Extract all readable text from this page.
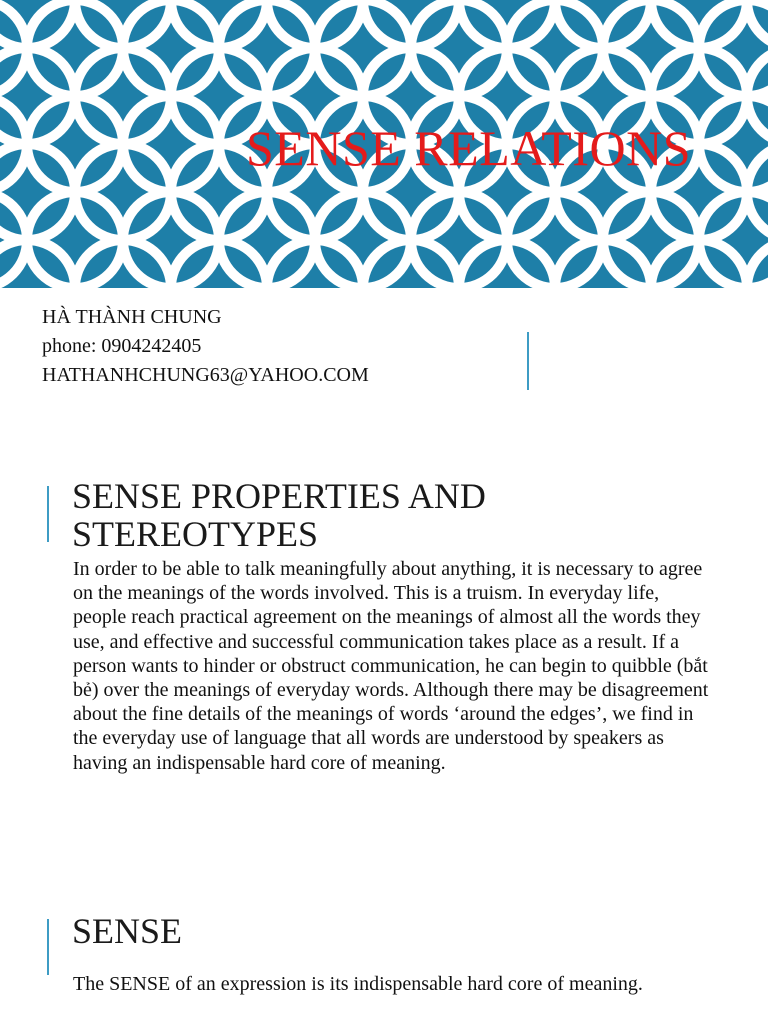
SENSE RELATIONS
HÀ THÀNH CHUNG
phone: 0904242405
HATHANHCHUNG63@YAHOO.COM
SENSE PROPERTIES AND STEREOTYPES
In order to be able to talk meaningfully about anything, it is necessary to agree on the meanings of the words involved. This is a truism. In everyday life, people reach practical agreement on the meanings of almost all the words they use, and effective and successful communication takes place as a result. If a person wants to hinder or obstruct communication, he can begin to quibble (bắt bẻ) over the meanings of everyday words. Although there may be disagreement about the fine details of the meanings of words ‘around the edges’, we find in the everyday use of language that all words are understood by speakers as having an indispensable hard core of meaning.
SENSE
The SENSE of an expression is its indispensable hard core of meaning.
